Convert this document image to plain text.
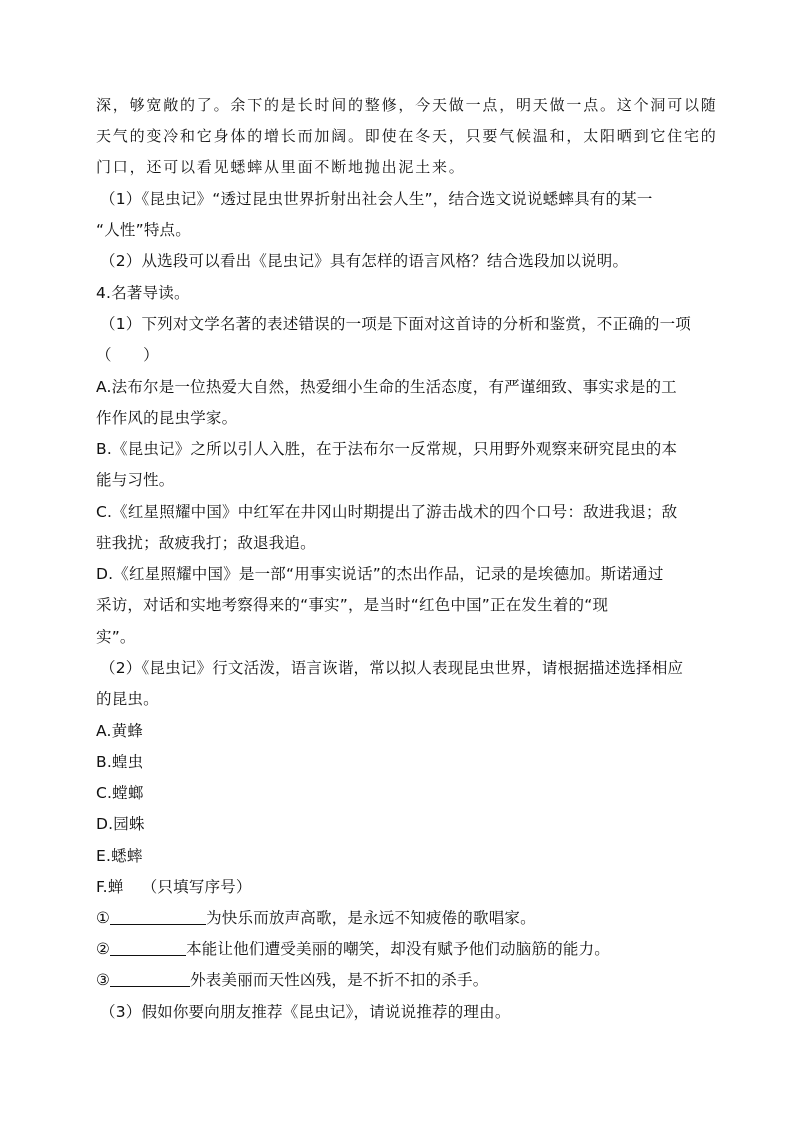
深，够宽敞的了。余下的是长时间的整修，今天做一点，明天做一点。这个洞可以随
天气的变冷和它身体的增长而加阔。即使在冬天，只要气候温和，太阳晒到它住宅的
门口，还可以看见蟋蟀从里面不断地抛出泥土来。
（1）《昆虫记》“透过昆虫世界折射出社会人生”，结合选文说说蟋蟀具有的某一
“人性”特点。
（2）从选段可以看出《昆虫记》具有怎样的语言风格？结合选段加以说明。
4.名著导读。
（1）下列对文学名著的表述错误的一项是下面对这首诗的分析和鉴赏，不正确的一项
（　　）
A.法布尔是一位热爱大自然，热爱细小生命的生活态度，有严谨细致、事实求是的工
作作风的昆虫学家。
B.《昆虫记》之所以引人入胜，在于法布尔一反常规，只用野外观察来研究昆虫的本
能与习性。
C.《红星照耀中国》中红军在井冈山时期提出了游击战术的四个口号：敌进我退；敌
驻我扰；敌疲我打；敌退我追。
D.《红星照耀中国》是一部“用事实说话”的杰出作品，记录的是埃德加。斯诺通过
采访，对话和实地考察得来的“事实”，是当时“红色中国”正在发生着的“现
实”。
（2）《昆虫记》行文活泼，语言诙谐，常以拟人表现昆虫世界，请根据描述选择相应
的昆虫。
A.黄蜂
B.蝗虫
C.螳螂
D.园蛛
E.蟋蟀
F.蝉 （只填写序号）
①	为快乐而放声高歌，是永远不知疲倦的歌唱家。
②	本能让他们遭受美丽的嘲笑，却没有赋予他们动脑筋的能力。
③	外表美丽而天性凶残，是不折不扣的杀手。
（3）假如你要向朋友推荐《昆虫记》，请说说推荐的理由。
